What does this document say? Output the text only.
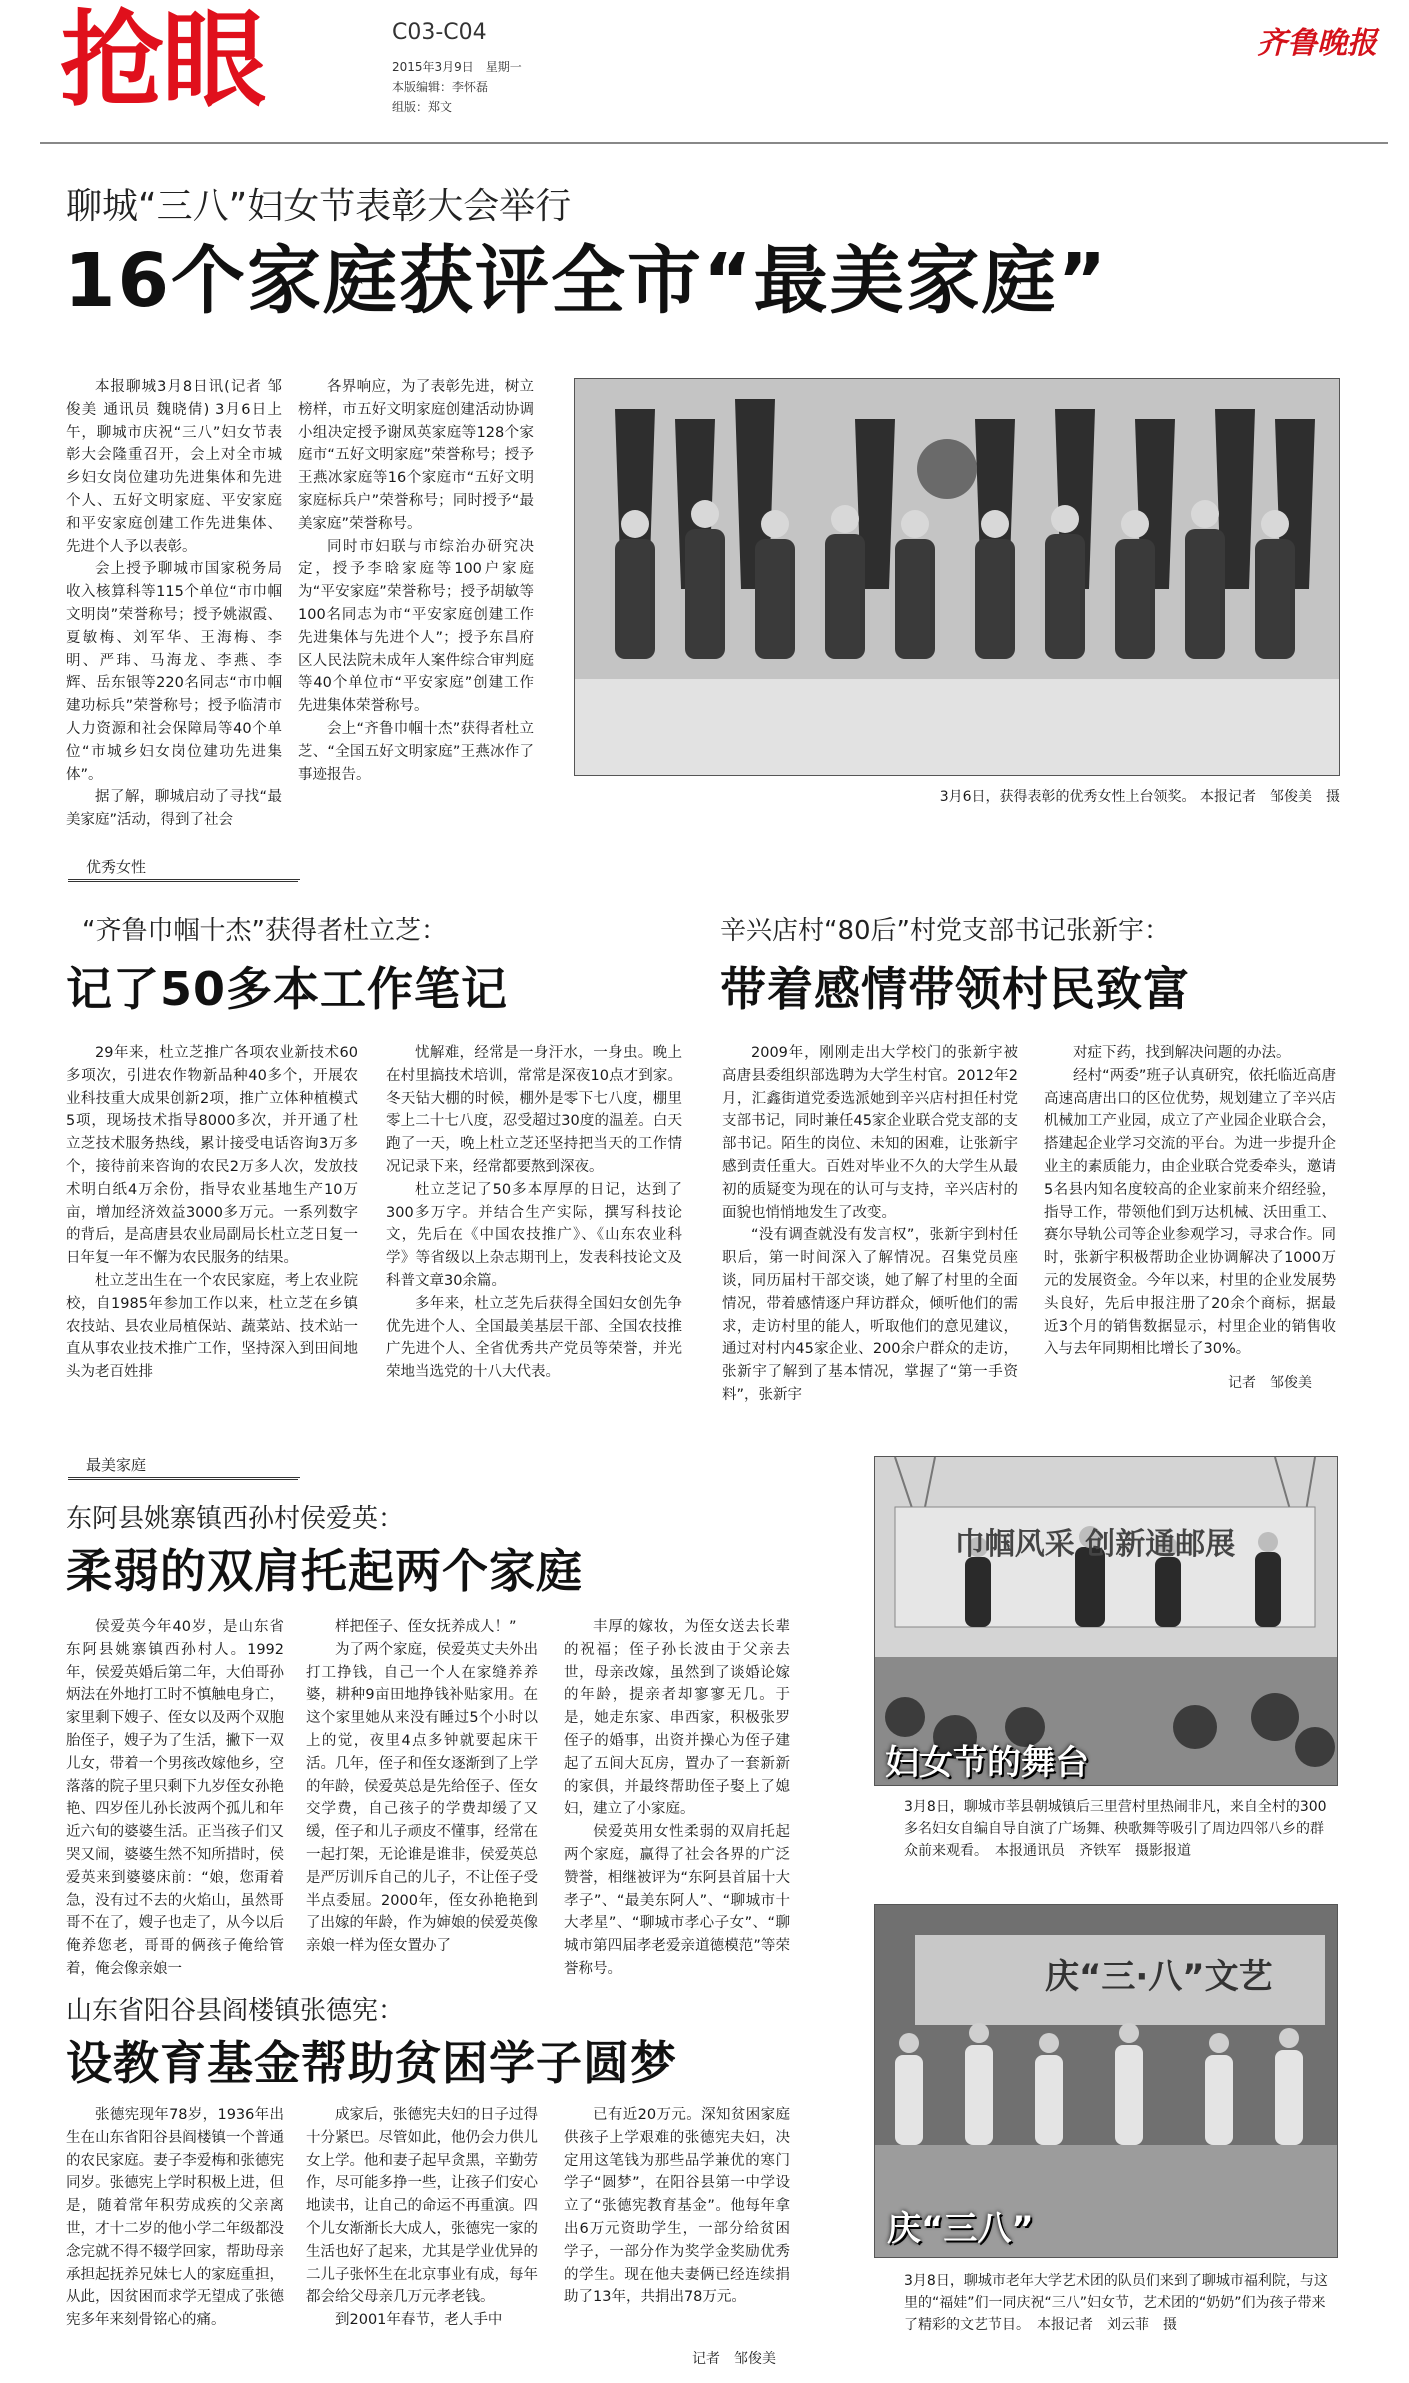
抢眼	C03-C04
2015年3月9日　星期一
本版编辑：李怀磊
组版：郑文
齐鲁晚报
聊城“三八”妇女节表彰大会举行
16个家庭获评全市“最美家庭”

本报聊城3月8日讯(记者 邹俊美 通讯员 魏晓倩) 3月6日上午，聊城市庆祝“三八”妇女节表彰大会隆重召开，会上对全市城乡妇女岗位建功先进集体和先进个人、五好文明家庭、平安家庭和平安家庭创建工作先进集体、先进个人予以表彰。

会上授予聊城市国家税务局收入核算科等115个单位“市巾帼文明岗”荣誉称号；授予姚淑霞、夏敏梅、刘军华、王海梅、李明、严玮、马海龙、李燕、李辉、岳东银等220名同志“市巾帼建功标兵”荣誉称号；授予临清市人力资源和社会保障局等40个单位“市城乡妇女岗位建功先进集体”。

据了解，聊城启动了寻找“最美家庭”活动，得到了社会

各界响应，为了表彰先进，树立榜样，市五好文明家庭创建活动协调小组决定授予谢凤英家庭等128个家庭市“五好文明家庭”荣誉称号；授予王燕冰家庭等16个家庭市“五好文明家庭标兵户”荣誉称号；同时授予“最美家庭”荣誉称号。

同时市妇联与市综治办研究决定，授予李晗家庭等100户家庭为“平安家庭”荣誉称号；授予胡敏等100名同志为市“平安家庭创建工作先进集体与先进个人”；授予东昌府区人民法院未成年人案件综合审判庭等40个单位市“平安家庭”创建工作先进集体荣誉称号。

会上“齐鲁巾帼十杰”获得者杜立芝、“全国五好文明家庭”王燕冰作了事迹报告。

3月6日，获得表彰的优秀女性上台领奖。 本报记者　邹俊美　摄
优秀女性
“齐鲁巾帼十杰”获得者杜立芝：
记了50多本工作笔记

29年来，杜立芝推广各项农业新技术60多项次，引进农作物新品种40多个，开展农业科技重大成果创新2项，推广立体种植模式5项，现场技术指导8000多次，并开通了杜立芝技术服务热线，累计接受电话咨询3万多个，接待前来咨询的农民2万多人次，发放技术明白纸4万余份，指导农业基地生产10万亩，增加经济效益3000多万元。一系列数字的背后，是高唐县农业局副局长杜立芝日复一日年复一年不懈为农民服务的结果。

杜立芝出生在一个农民家庭，考上农业院校，自1985年参加工作以来，杜立芝在乡镇农技站、县农业局植保站、蔬菜站、技术站一直从事农业技术推广工作，坚持深入到田间地头为老百姓排

忧解难，经常是一身汗水，一身虫。晚上在村里搞技术培训，常常是深夜10点才到家。冬天钻大棚的时候，棚外是零下七八度，棚里零上二十七八度，忍受超过30度的温差。白天跑了一天，晚上杜立芝还坚持把当天的工作情况记录下来，经常都要熬到深夜。

杜立芝记了50多本厚厚的日记，达到了300多万字。并结合生产实际，撰写科技论文，先后在《中国农技推广》、《山东农业科学》等省级以上杂志期刊上，发表科技论文及科普文章30余篇。

多年来，杜立芝先后获得全国妇女创先争优先进个人、全国最美基层干部、全国农技推广先进个人、全省优秀共产党员等荣誉，并光荣地当选党的十八大代表。

辛兴店村“80后”村党支部书记张新宇：
带着感情带领村民致富

2009年，刚刚走出大学校门的张新宇被高唐县委组织部选聘为大学生村官。2012年2月，汇鑫街道党委选派她到辛兴店村担任村党支部书记，同时兼任45家企业联合党支部的支部书记。陌生的岗位、未知的困难，让张新宇感到责任重大。百姓对毕业不久的大学生从最初的质疑变为现在的认可与支持，辛兴店村的面貌也悄悄地发生了改变。

“没有调查就没有发言权”，张新宇到村任职后，第一时间深入了解情况。召集党员座谈，同历届村干部交谈，她了解了村里的全面情况，带着感情逐户拜访群众，倾听他们的需求，走访村里的能人，听取他们的意见建议，通过对村内45家企业、200余户群众的走访，张新宇了解到了基本情况，掌握了“第一手资料”，张新宇

对症下药，找到解决问题的办法。

经村“两委”班子认真研究，依托临近高唐高速高唐出口的区位优势，规划建立了辛兴店机械加工产业园，成立了产业园企业联合会，搭建起企业学习交流的平台。为进一步提升企业主的素质能力，由企业联合党委牵头，邀请5名县内知名度较高的企业家前来介绍经验，指导工作，带领他们到万达机械、沃田重工、赛尔导轨公司等企业参观学习，寻求合作。同时，张新宇积极帮助企业协调解决了1000万元的发展资金。今年以来，村里的企业发展势头良好，先后申报注册了20余个商标，据最近3个月的销售数据显示，村里企业的销售收入与去年同期相比增长了30%。

记者　邹俊美
最美家庭
东阿县姚寨镇西孙村侯爱英：
柔弱的双肩托起两个家庭

侯爱英今年40岁，是山东省东阿县姚寨镇西孙村人。1992年，侯爱英婚后第二年，大伯哥孙炳法在外地打工时不慎触电身亡，家里剩下嫂子、侄女以及两个双胞胎侄子，嫂子为了生活，撇下一双儿女，带着一个男孩改嫁他乡，空落落的院子里只剩下九岁侄女孙艳艳、四岁侄儿孙长波两个孤儿和年近六旬的婆婆生活。正当孩子们又哭又闹，婆婆生然不知所措时，侯爱英来到婆婆床前：“娘，您甭着急，没有过不去的火焰山，虽然哥哥不在了，嫂子也走了，从今以后俺养您老，哥哥的俩孩子俺给管着，俺会像亲娘一

样把侄子、侄女抚养成人！”

为了两个家庭，侯爱英丈夫外出打工挣钱，自己一个人在家缝养养婆，耕种9亩田地挣钱补贴家用。在这个家里她从来没有睡过5个小时以上的觉，夜里4点多钟就要起床干活。几年，侄子和侄女逐渐到了上学的年龄，侯爱英总是先给侄子、侄女交学费，自己孩子的学费却缓了又缓，侄子和儿子顽皮不懂事，经常在一起打架，无论谁是谁非，侯爱英总是严厉训斥自己的儿子，不让侄子受半点委屈。2000年，侄女孙艳艳到了出嫁的年龄，作为婶娘的侯爱英像亲娘一样为侄女置办了

丰厚的嫁妆，为侄女送去长辈的祝福；侄子孙长波由于父亲去世，母亲改嫁，虽然到了谈婚论嫁的年龄，提亲者却寥寥无几。于是，她走东家、串西家，积极张罗侄子的婚事，出资并操心为侄子建起了五间大瓦房，置办了一套新新的家俱，并最终帮助侄子娶上了媳妇，建立了小家庭。

侯爱英用女性柔弱的双肩托起两个家庭，赢得了社会各界的广泛赞誉，相继被评为“东阿县首届十大孝子”、“最美东阿人”、“聊城市十大孝星”、“聊城市孝心子女”、“聊城市第四届孝老爱亲道德模范”等荣誉称号。

山东省阳谷县阎楼镇张德宪：
设教育基金帮助贫困学子圆梦

张德宪现年78岁，1936年出生在山东省阳谷县阎楼镇一个普通的农民家庭。妻子李爱梅和张德宪同岁。张德宪上学时积极上进，但是，随着常年积劳成疾的父亲离世，才十二岁的他小学二年级都没念完就不得不辍学回家，帮助母亲承担起抚养兄妹七人的家庭重担，从此，因贫困而求学无望成了张德宪多年来刻骨铭心的痛。

成家后，张德宪夫妇的日子过得十分紧巴。尽管如此，他仍会力供儿女上学。他和妻子起早贪黑，辛勤劳作，尽可能多挣一些，让孩子们安心地读书，让自己的命运不再重演。四个儿女渐渐长大成人，张德宪一家的生活也好了起来，尤其是学业优异的二儿子张怀生在北京事业有成，每年都会给父母亲几万元孝老钱。

到2001年春节，老人手中

已有近20万元。深知贫困家庭供孩子上学艰难的张德宪夫妇，决定用这笔钱为那些品学兼优的寒门学子“圆梦”，在阳谷县第一中学设立了“张德宪教育基金”。他每年拿出6万元资助学生，一部分给贫困学子，一部分作为奖学金奖励优秀的学生。现在他夫妻俩已经连续捐助了13年，共捐出78万元。

记者　邹俊美
巾帼风采 创新通邮展
妇女节的舞台
3月8日，聊城市莘县朝城镇后三里营村里热闹非凡，来自全村的300多名妇女自编自导自演了广场舞、秧歌舞等吸引了周边四邻八乡的群众前来观看。　本报通讯员　齐铁军　摄影报道
庆“三·八”文艺
庆“三八”
3月8日，聊城市老年大学艺术团的队员们来到了聊城市福利院，与这里的“福娃”们一同庆祝“三八”妇女节，艺术团的“奶奶”们为孩子带来了精彩的文艺节目。　本报记者　刘云菲　摄
